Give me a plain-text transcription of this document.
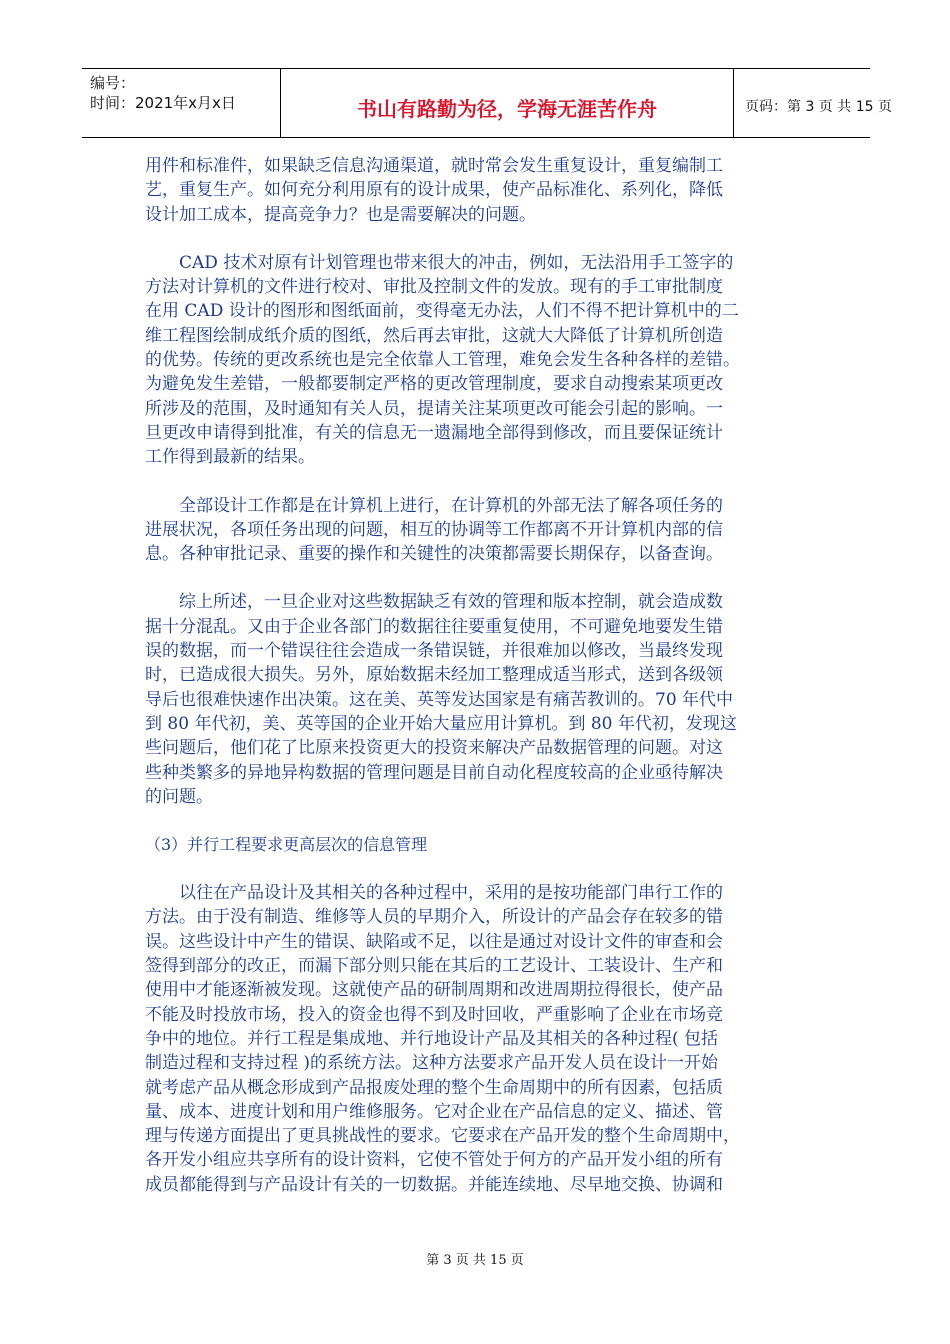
编号：
时间：2021年x月x日	书山有路勤为径，学海无涯苦作舟	页码：第 3 页 共 15 页
用件和标准件，如果缺乏信息沟通渠道，就时常会发生重复设计，重复编制工
艺，重复生产。如何充分利用原有的设计成果，使产品标准化、系列化，降低
设计加工成本，提高竞争力？也是需要解决的问题。
CAD 技术对原有计划管理也带来很大的冲击，例如，无法沿用手工签字的
方法对计算机的文件进行校对、审批及控制文件的发放。现有的手工审批制度
在用 CAD 设计的图形和图纸面前，变得毫无办法，人们不得不把计算机中的二
维工程图绘制成纸介质的图纸，然后再去审批，这就大大降低了计算机所创造
的优势。传统的更改系统也是完全依靠人工管理，难免会发生各种各样的差错。
为避免发生差错，一般都要制定严格的更改管理制度，要求自动搜索某项更改
所涉及的范围，及时通知有关人员，提请关注某项更改可能会引起的影响。一
旦更改申请得到批准，有关的信息无一遗漏地全部得到修改，而且要保证统计
工作得到最新的结果。
全部设计工作都是在计算机上进行，在计算机的外部无法了解各项任务的
进展状况，各项任务出现的问题，相互的协调等工作都离不开计算机内部的信
息。各种审批记录、重要的操作和关键性的决策都需要长期保存，以备查询。
综上所述，一旦企业对这些数据缺乏有效的管理和版本控制，就会造成数
据十分混乱。又由于企业各部门的数据往往要重复使用，不可避免地要发生错
误的数据，而一个错误往往会造成一条错误链，并很难加以修改，当最终发现
时，已造成很大损失。另外，原始数据未经加工整理成适当形式，送到各级领
导后也很难快速作出决策。这在美、英等发达国家是有痛苦教训的。70 年代中
到 80 年代初，美、英等国的企业开始大量应用计算机。到 80 年代初，发现这
些问题后，他们花了比原来投资更大的投资来解决产品数据管理的问题。对这
些种类繁多的异地异构数据的管理问题是目前自动化程度较高的企业亟待解决
的问题。
（3）并行工程要求更高层次的信息管理
以往在产品设计及其相关的各种过程中，采用的是按功能部门串行工作的
方法。由于没有制造、维修等人员的早期介入，所设计的产品会存在较多的错
误。这些设计中产生的错误、缺陷或不足，以往是通过对设计文件的审查和会
签得到部分的改正，而漏下部分则只能在其后的工艺设计、工装设计、生产和
使用中才能逐渐被发现。这就使产品的研制周期和改进周期拉得很长，使产品
不能及时投放市场，投入的资金也得不到及时回收，严重影响了企业在市场竞
争中的地位。并行工程是集成地、并行地设计产品及其相关的各种过程( 包括
制造过程和支持过程 )的系统方法。这种方法要求产品开发人员在设计一开始
就考虑产品从概念形成到产品报废处理的整个生命周期中的所有因素，包括质
量、成本、进度计划和用户维修服务。它对企业在产品信息的定义、描述、管
理与传递方面提出了更具挑战性的要求。它要求在产品开发的整个生命周期中，
各开发小组应共享所有的设计资料，它使不管处于何方的产品开发小组的所有
成员都能得到与产品设计有关的一切数据。并能连续地、尽早地交换、协调和
第 3 页 共 15 页
